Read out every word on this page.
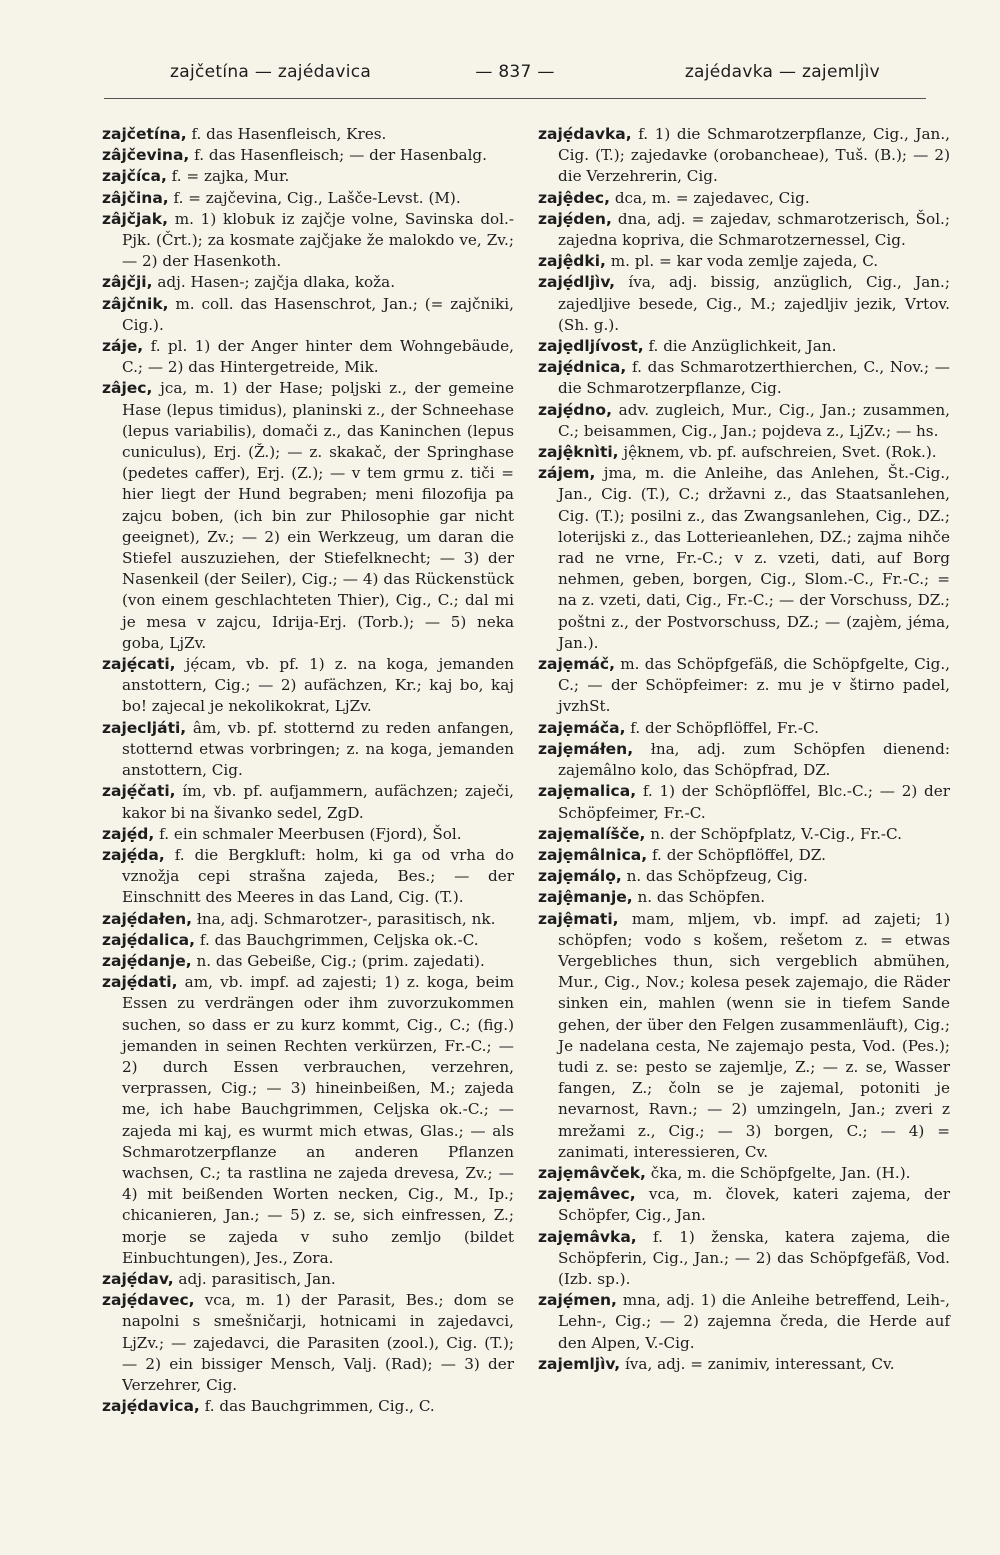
zajčetína — zajédavica	— 837 —	zajédavka — zajemljìv

zajčetína, f. das Hasenfleisch, Kres.

zâjčevina, f. das Hasenfleisch; — der Hasenbalg.

zajčíca, f. = zajka, Mur.

zâjčina, f. = zajčevina, Cig., Lašče-Levst. (M).

zâjčjak, m. 1) klobuk iz zajčje volne, Savinska dol.-Pjk. (Črt.); za kosmate zajčjake že malokdo ve, Zv.; — 2) der Hasenkoth.

zâjčji, adj. Hasen-; zajčja dlaka, koža.

zâjčnik, m. coll. das Hasenschrot, Jan.; (= zajčniki, Cig.).

záje, f. pl. 1) der Anger hinter dem Wohngebäude, C.; — 2) das Hintergetreide, Mik.

zâjec, jca, m. 1) der Hase; poljski z., der gemeine Hase (lepus timidus), planinski z., der Schneehase (lepus variabilis), domači z., das Kaninchen (lepus cuniculus), Erj. (Ž.); — z. skakač, der Springhase (pedetes caffer), Erj. (Z.); — v tem grmu z. tiči = hier liegt der Hund begraben; meni filozofija pa zajcu boben, (ich bin zur Philosophie gar nicht geeignet), Zv.; — 2) ein Werkzeug, um daran die Stiefel auszuziehen, der Stiefelknecht; — 3) der Nasenkeil (der Seiler), Cig.; — 4) das Rückenstück (von einem geschlachteten Thier), Cig., C.; dal mi je mesa v zajcu, Idrija-Erj. (Torb.); — 5) neka goba, LjZv.

zajẹ́cati, jẹ́cam, vb. pf. 1) z. na koga, jemanden anstottern, Cig.; — 2) aufächzen, Kr.; kaj bo, kaj bo! zajecal je nekolikokrat, LjZv.

zajecljáti, âm, vb. pf. stotternd zu reden anfangen, stotternd etwas vorbringen; z. na koga, jemanden anstottern, Cig.

zajẹ́čati, ím, vb. pf. aufjammern, aufächzen; zaječi, kakor bi na šivanko sedel, ZgD.

zajẹ́d, f. ein schmaler Meerbusen (Fjord), Šol.

zajẹ́da, f. die Bergkluft: holm, ki ga od vrha do vznožja cepi strašna zajeda, Bes.; — der Einschnitt des Meeres in das Land, Cig. (T.).

zajẹ́dałen, łna, adj. Schmarotzer-, parasitisch, nk.

zajẹ́dalica, f. das Bauchgrimmen, Celjska ok.-C.

zajẹ́danje, n. das Gebeiße, Cig.; (prim. zajedati).

zajẹ́dati, am, vb. impf. ad zajesti; 1) z. koga, beim Essen zu verdrängen oder ihm zuvorzukommen suchen, so dass er zu kurz kommt, Cig., C.; (fig.) jemanden in seinen Rechten verkürzen, Fr.-C.; — 2) durch Essen verbrauchen, verzehren, verprassen, Cig.; — 3) hineinbeißen, M.; zajeda me, ich habe Bauchgrimmen, Celjska ok.-C.; — zajeda mi kaj, es wurmt mich etwas, Glas.; — als Schmarotzerpflanze an anderen Pflanzen wachsen, C.; ta rastlina ne zajeda drevesa, Zv.; — 4) mit beißenden Worten necken, Cig., M., Ip.; chicanieren, Jan.; — 5) z. se, sich einfressen, Z.; morje se zajeda v suho zemljo (bildet Einbuchtungen), Jes., Zora.

zajẹ́dav, adj. parasitisch, Jan.

zajẹ́davec, vca, m. 1) der Parasit, Bes.; dom se napolni s smešničarji, hotnicami in zajedavci, LjZv.; — zajedavci, die Parasiten (zool.), Cig. (T.); — 2) ein bissiger Mensch, Valj. (Rad); — 3) der Verzehrer, Cig.

zajẹ́davica, f. das Bauchgrimmen, Cig., C.

zajẹ́davka, f. 1) die Schmarotzerpflanze, Cig., Jan., Cig. (T.); zajedavke (orobancheae), Tuš. (B.); — 2) die Verzehrerin, Cig.

zajệdec, dca, m. = zajedavec, Cig.

zajẹ́den, dna, adj. = zajedav, schmarotzerisch, Šol.; zajedna kopriva, die Schmarotzernessel, Cig.

zajệdki, m. pl. = kar voda zemlje zajeda, C.

zajẹ́dljìv, íva, adj. bissig, anzüglich, Cig., Jan.; zajedljive besede, Cig., M.; zajedljiv jezik, Vrtov. (Sh. g.).

zajẹdljívost, f. die Anzüglichkeit, Jan.

zajẹ́dnica, f. das Schmarotzerthierchen, C., Nov.; — die Schmarotzerpflanze, Cig.

zajẹ́dno, adv. zugleich, Mur., Cig., Jan.; zusammen, C.; beisammen, Cig., Jan.; pojdeva z., LjZv.; — hs.

zajệknìti, jệknem, vb. pf. aufschreien, Svet. (Rok.).

zájem, jma, m. die Anleihe, das Anlehen, Št.-Cig., Jan., Cig. (T.), C.; državni z., das Staatsanlehen, Cig. (T.); posilni z., das Zwangsanlehen, Cig., DZ.; loterijski z., das Lotterieanlehen, DZ.; zajma nihče rad ne vrne, Fr.-C.; v z. vzeti, dati, auf Borg nehmen, geben, borgen, Cig., Slom.-C., Fr.-C.; = na z. vzeti, dati, Cig., Fr.-C.; — der Vorschuss, DZ.; poštni z., der Postvorschuss, DZ.; — (zajèm, jéma, Jan.).

zajẹmáč, m. das Schöpfgefäß, die Schöpfgelte, Cig., C.; — der Schöpfeimer: z. mu je v štirno padel, jvzhSt.

zajẹmáča, f. der Schöpflöffel, Fr.-C.

zajẹmáłen, łna, adj. zum Schöpfen dienend: zajemâlno kolo, das Schöpfrad, DZ.

zajẹmalica, f. 1) der Schöpflöffel, Blc.-C.; — 2) der Schöpfeimer, Fr.-C.

zajẹmalíšče, n. der Schöpfplatz, V.-Cig., Fr.-C.

zajẹmâlnica, f. der Schöpflöffel, DZ.

zajẹmálọ, n. das Schöpfzeug, Cig.

zajệmanje, n. das Schöpfen.

zajệmati, mam, mljem, vb. impf. ad zajeti; 1) schöpfen; vodo s košem, rešetom z. = etwas Vergebliches thun, sich vergeblich abmühen, Mur., Cig., Nov.; kolesa pesek zajemajo, die Räder sinken ein, mahlen (wenn sie in tiefem Sande gehen, der über den Felgen zusammenläuft), Cig.; Je nadelana cesta, Ne zajemajo pesta, Vod. (Pes.); tudi z. se: pesto se zajemlje, Z.; — z. se, Wasser fangen, Z.; čoln se je zajemal, potoniti je nevarnost, Ravn.; — 2) umzingeln, Jan.; zveri z mrežami z., Cig.; — 3) borgen, C.; — 4) = zanimati, interessieren, Cv.

zajẹmâvček, čka, m. die Schöpfgelte, Jan. (H.).

zajẹmâvec, vca, m. človek, kateri zajema, der Schöpfer, Cig., Jan.

zajẹmâvka, f. 1) ženska, katera zajema, die Schöpferin, Cig., Jan.; — 2) das Schöpfgefäß, Vod. (Izb. sp.).

zajẹ́men, mna, adj. 1) die Anleihe betreffend, Leih-, Lehn-, Cig.; — 2) zajemna čreda, die Herde auf den Alpen, V.-Cig.

zajemljìv, íva, adj. = zanimiv, interessant, Cv.
